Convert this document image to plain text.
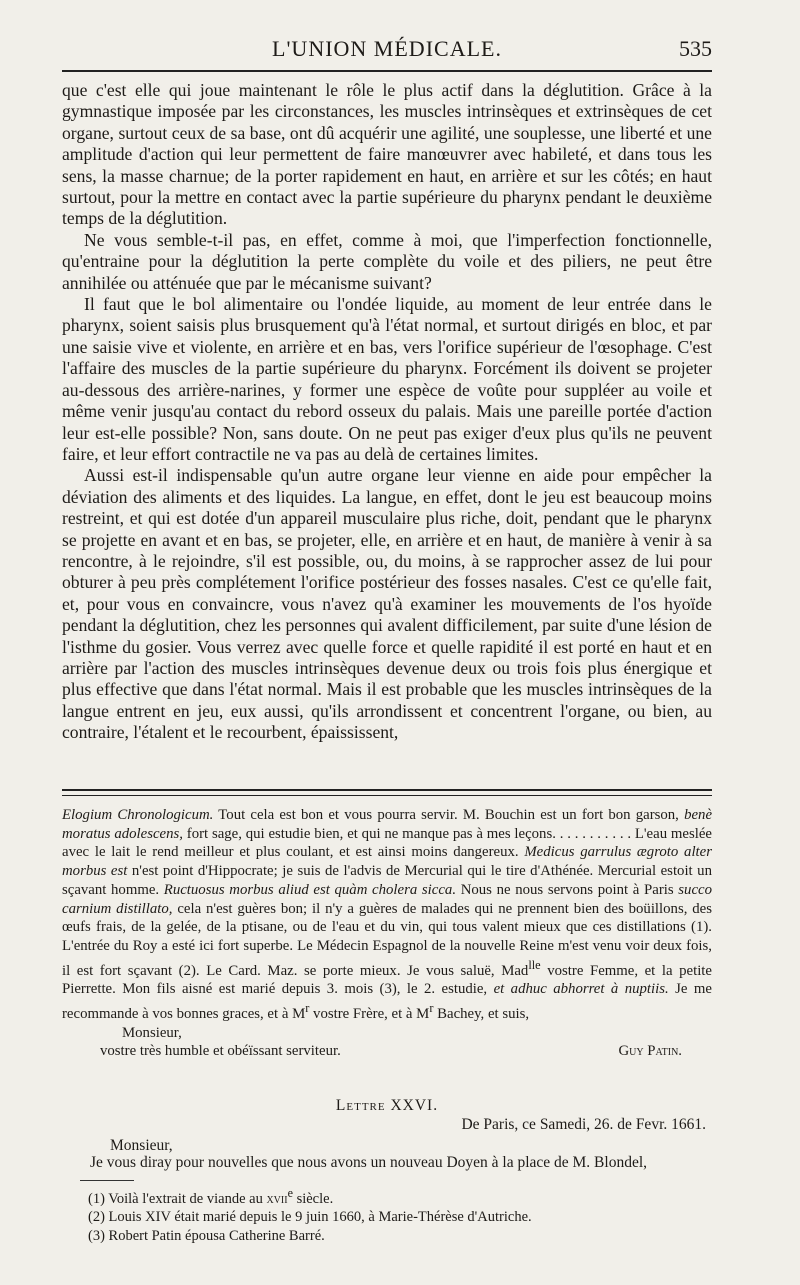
L'UNION MÉDICALE.	535

que c'est elle qui joue maintenant le rôle le plus actif dans la déglutition. Grâce à la gymnastique imposée par les circonstances, les muscles intrinsèques et extrinsèques de cet organe, surtout ceux de sa base, ont dû acquérir une agilité, une souplesse, une liberté et une amplitude d'action qui leur permettent de faire manœuvrer avec habileté, et dans tous les sens, la masse charnue; de la porter rapidement en haut, en arrière et sur les côtés; en haut surtout, pour la mettre en contact avec la partie supérieure du pharynx pendant le deuxième temps de la déglutition.

Ne vous semble-t-il pas, en effet, comme à moi, que l'imperfection fonctionnelle, qu'entraine pour la déglutition la perte complète du voile et des piliers, ne peut être annihilée ou atténuée que par le mécanisme suivant?

Il faut que le bol alimentaire ou l'ondée liquide, au moment de leur entrée dans le pharynx, soient saisis plus brusquement qu'à l'état normal, et surtout dirigés en bloc, et par une saisie vive et violente, en arrière et en bas, vers l'orifice supérieur de l'œsophage. C'est l'affaire des muscles de la partie supérieure du pharynx. Forcément ils doivent se projeter au-dessous des arrière-narines, y former une espèce de voûte pour suppléer au voile et même venir jusqu'au contact du rebord osseux du palais. Mais une pareille portée d'action leur est-elle possible? Non, sans doute. On ne peut pas exiger d'eux plus qu'ils ne peuvent faire, et leur effort contractile ne va pas au delà de certaines limites.

Aussi est-il indispensable qu'un autre organe leur vienne en aide pour empêcher la déviation des aliments et des liquides. La langue, en effet, dont le jeu est beaucoup moins restreint, et qui est dotée d'un appareil musculaire plus riche, doit, pendant que le pharynx se projette en avant et en bas, se projeter, elle, en arrière et en haut, de manière à venir à sa rencontre, à le rejoindre, s'il est possible, ou, du moins, à se rapprocher assez de lui pour obturer à peu près complétement l'orifice postérieur des fosses nasales. C'est ce qu'elle fait, et, pour vous en convaincre, vous n'avez qu'à examiner les mouvements de l'os hyoïde pendant la déglutition, chez les personnes qui avalent difficilement, par suite d'une lésion de l'isthme du gosier. Vous verrez avec quelle force et quelle rapidité il est porté en haut et en arrière par l'action des muscles intrinsèques devenue deux ou trois fois plus énergique et plus effective que dans l'état normal. Mais il est probable que les muscles intrinsèques de la langue entrent en jeu, eux aussi, qu'ils arrondissent et concentrent l'organe, ou bien, au contraire, l'étalent et le recourbent, épaississent,

Elogium Chronologicum. Tout cela est bon et vous pourra servir. M. Bouchin est un fort bon garson, benè moratus adolescens, fort sage, qui estudie bien, et qui ne manque pas à mes leçons. . . . . . . . . . . L'eau meslée avec le lait le rend meilleur et plus coulant, et est ainsi moins dangereux. Medicus garrulus ægroto alter morbus est n'est point d'Hippocrate; je suis de l'advis de Mercurial qui le tire d'Athénée. Mercurial estoit un sçavant homme. Ructuosus morbus aliud est quàm cholera sicca. Nous ne nous servons point à Paris succo carnium distillato, cela n'est guères bon; il n'y a guères de malades qui ne prennent bien des boüillons, des œufs frais, de la gelée, de la ptisane, ou de l'eau et du vin, qui tous valent mieux que ces distillations (1). L'entrée du Roy a esté ici fort superbe. Le Médecin Espagnol de la nouvelle Reine m'est venu voir deux fois, il est fort sçavant (2). Le Card. Maz. se porte mieux. Je vous saluë, Mad$^{lle}$ vostre Femme, et la petite Pierrette. Mon fils aisné est marié depuis 3. mois (3), le 2. estudie, et adhuc abhorret à nuptiis. Je me recommande à vos bonnes graces, et à $M^r$ vostre Frère, et à $M^r$ Bachey, et suis,

Monsieur,

vostre très humble et obéïssant serviteur.	Guy Patin.

Lettre XXVI.
De Paris, ce Samedi, 26. de Fevr. 1661.
Monsieur,
Je vous diray pour nouvelles que nous avons un nouveau Doyen à la place de M. Blondel,

(1) Voilà l'extrait de viande au xvii$^e$ siècle.

(2) Louis XIV était marié depuis le 9 juin 1660, à Marie-Thérèse d'Autriche.

(3) Robert Patin épousa Catherine Barré.
